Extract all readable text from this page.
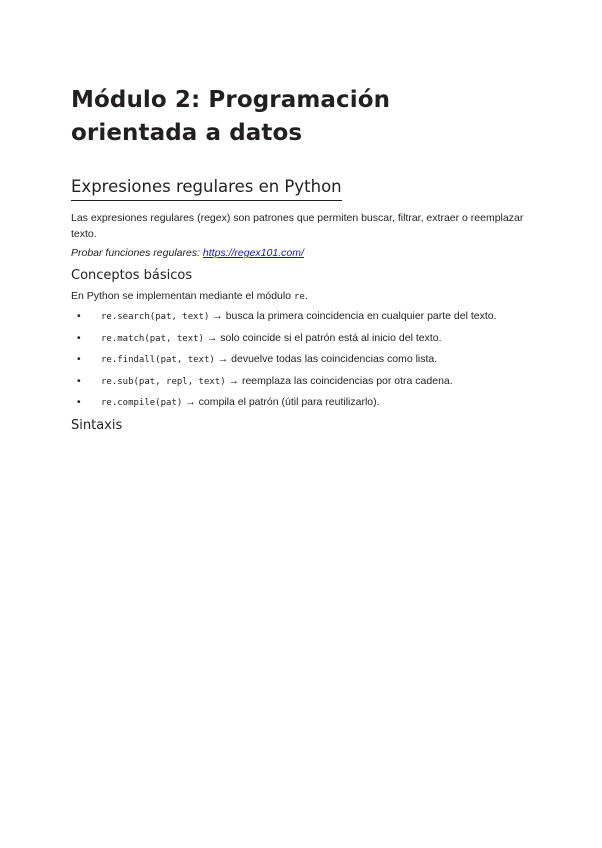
Módulo 2: Programación orientada a datos
Expresiones regulares en Python

Las expresiones regulares (regex) son patrones que permiten buscar, filtrar, extraer o reemplazar texto.

Probar funciones regulares: https://regex101.com/

Conceptos básicos

En Python se implementan mediante el módulo re.

• re.search(pat, text) → busca la primera coincidencia en cualquier parte del texto.
• re.match(pat, text) → solo coincide si el patrón está al inicio del texto.
• re.findall(pat, text) → devuelve todas las coincidencias como lista.
• re.sub(pat, repl, text) → reemplaza las coincidencias por otra cadena.
• re.compile(pat) → compila el patrón (útil para reutilizarlo).
Sintaxis
